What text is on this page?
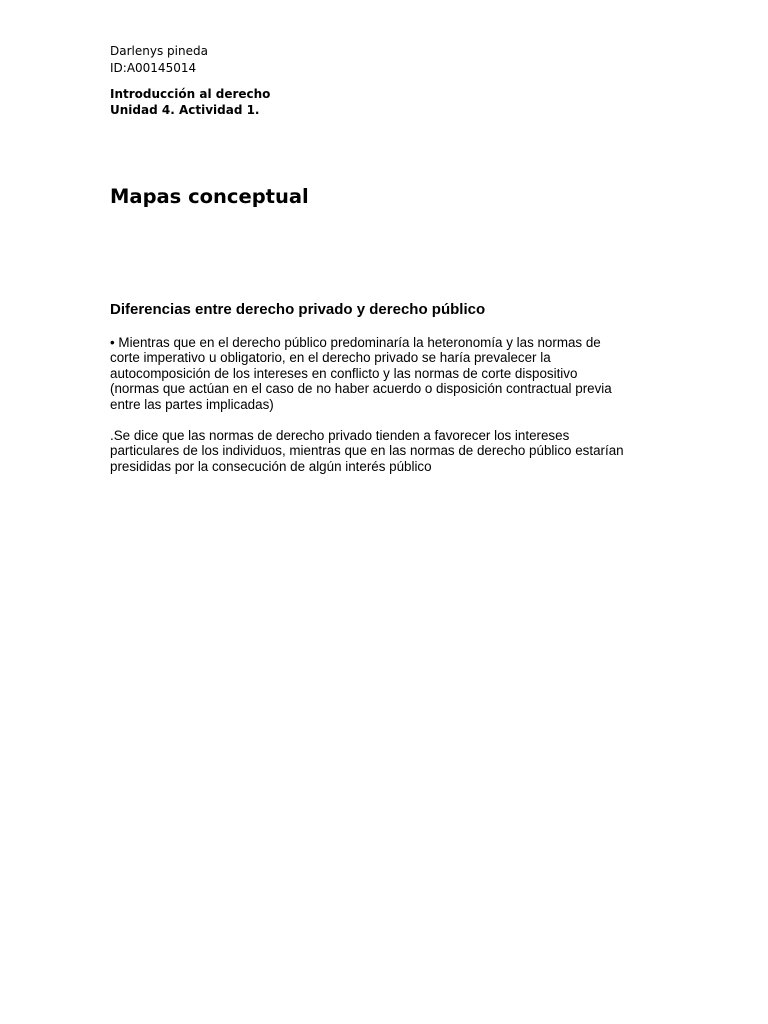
Darlenys pineda
ID:A00145014
Introducción al derecho
Unidad 4. Actividad 1.
Mapas conceptual
Diferencias entre derecho privado y derecho público

• Mientras que en el derecho público predominaría la heteronomía y las normas de
corte imperativo u obligatorio, en el derecho privado se haría prevalecer la
autocomposición de los intereses en conflicto y las normas de corte dispositivo
(normas que actúan en el caso de no haber acuerdo o disposición contractual previa
entre las partes implicadas)

.Se dice que las normas de derecho privado tienden a favorecer los intereses
particulares de los individuos, mientras que en las normas de derecho público estarían
presididas por la consecución de algún interés público
